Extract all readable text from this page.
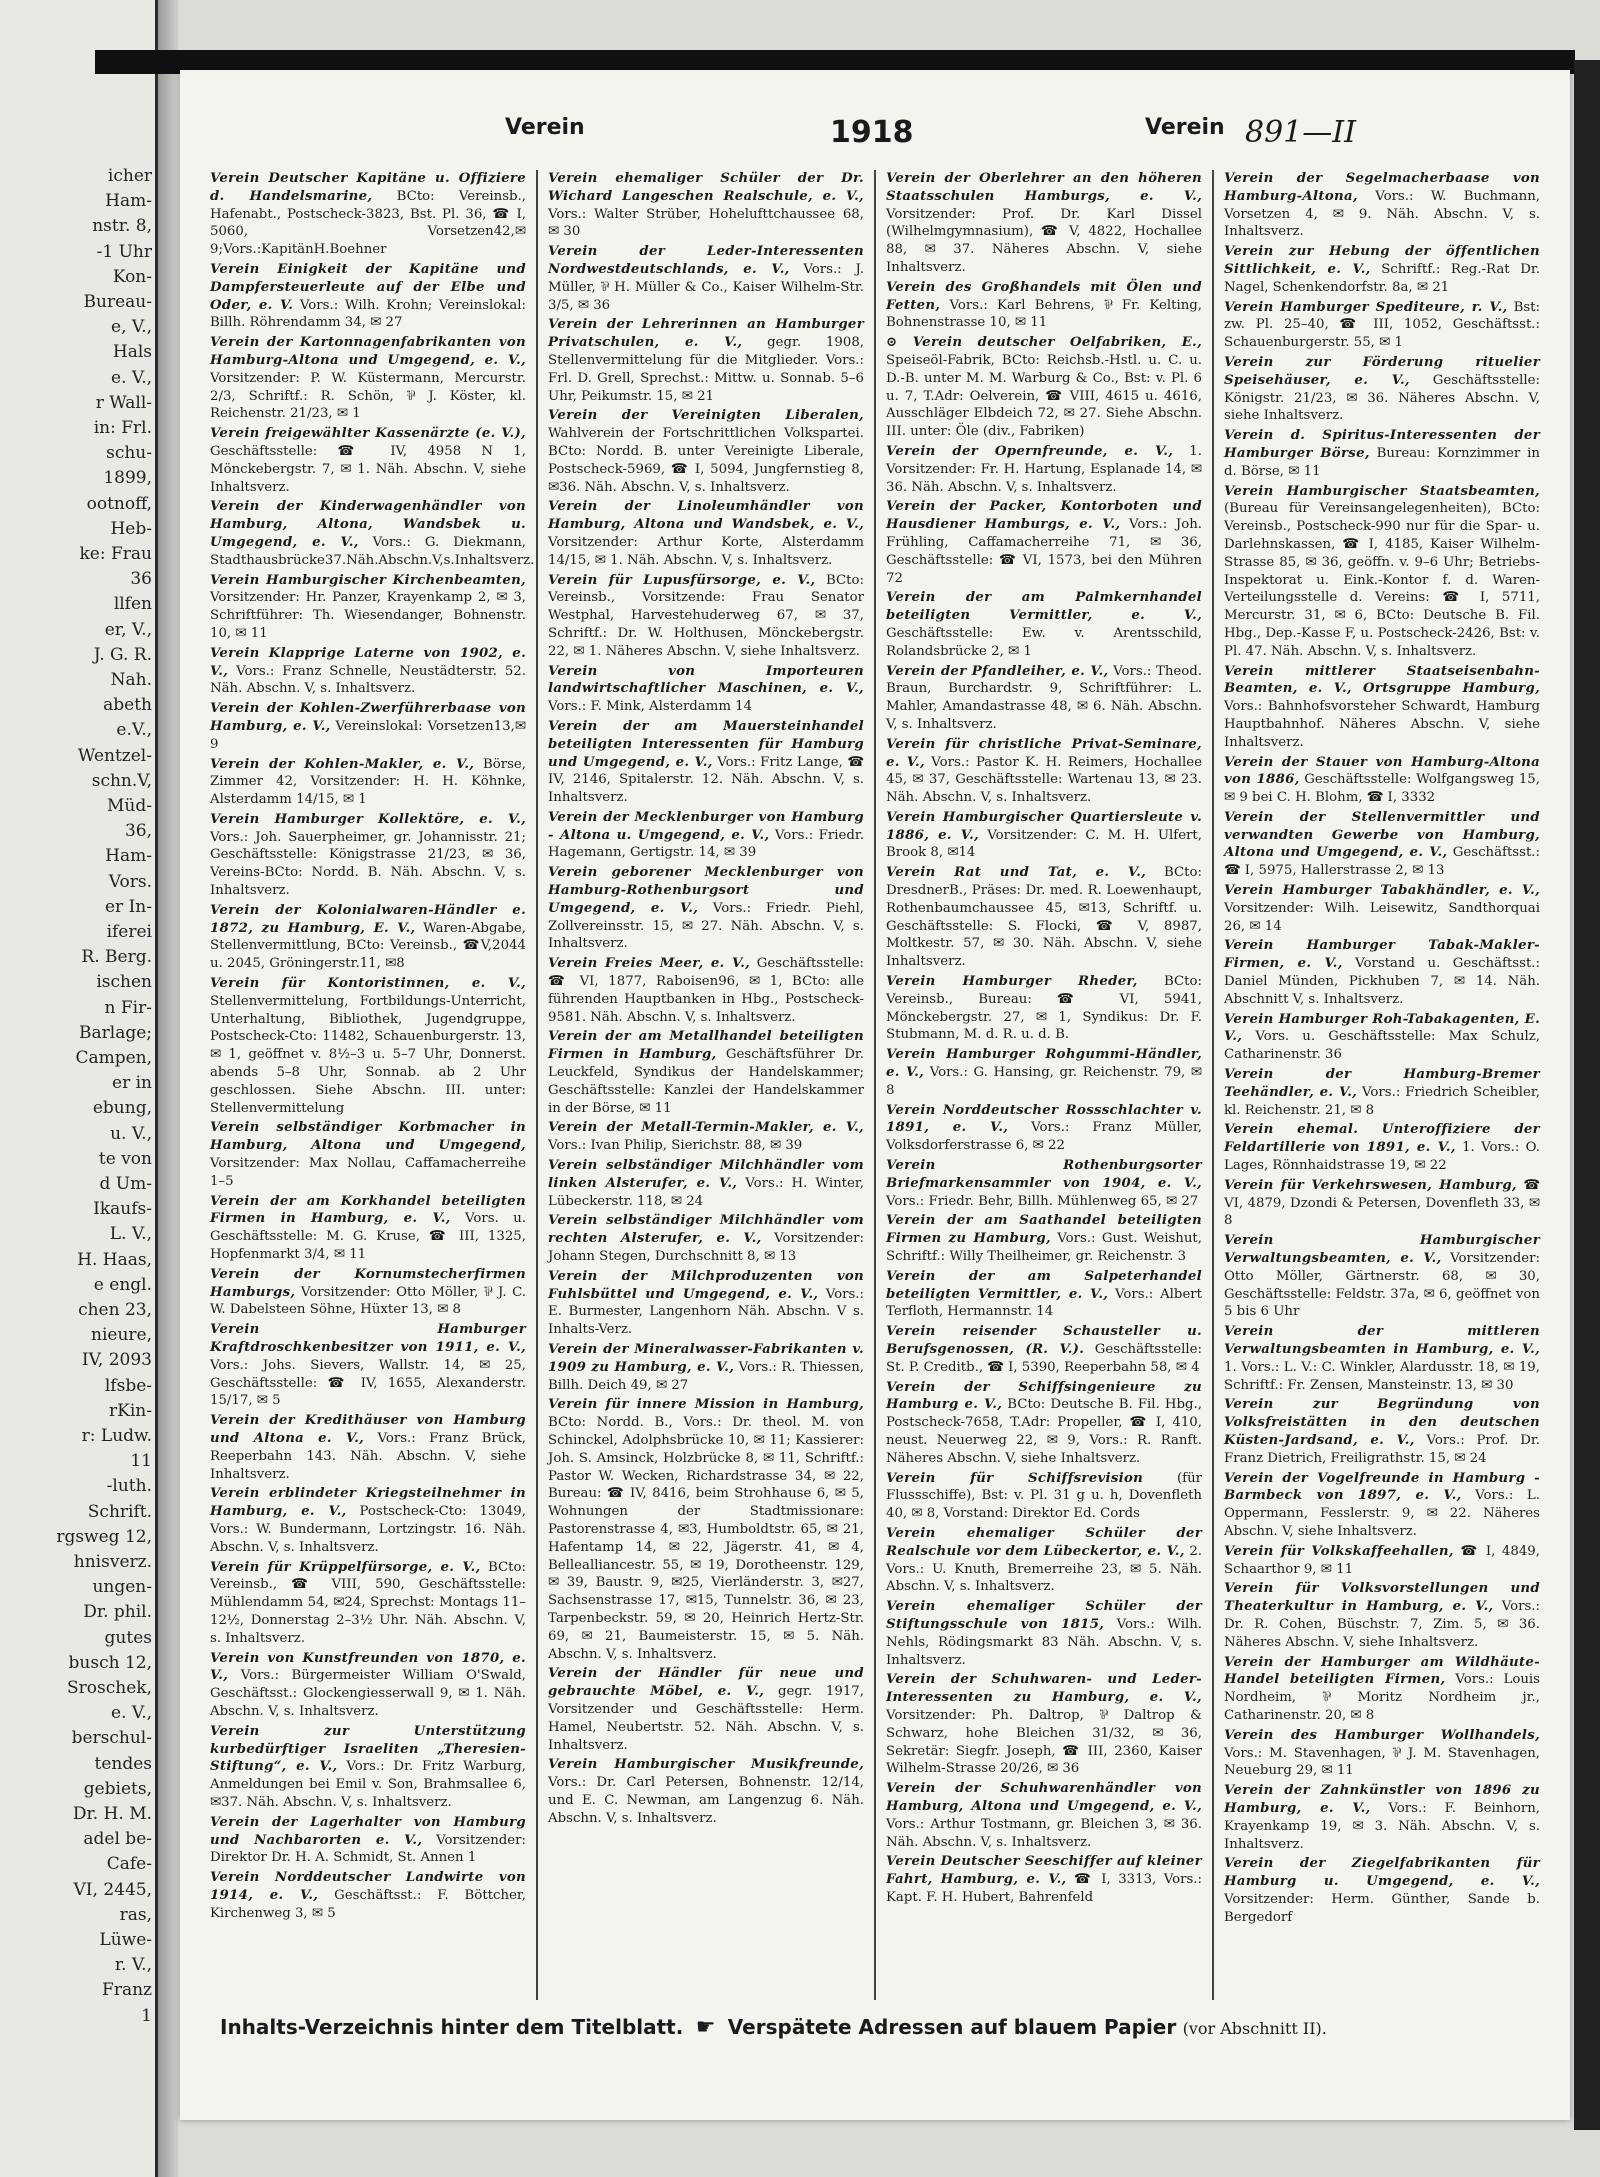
icher
Ham-
nstr. 8,
-1 Uhr
Kon-
Bureau-
e, V.,
Hals
e. V.,
r Wall-
in: Frl.
schu-
1899,
ootnoff,
Heb-
ke: Frau
36
llfen
er, V.,
J. G. R.
Nah.
abeth
e.V.,
Wentzel-
schn.V,
Müd-
36,
Ham-
Vors.
er In-
iferei
R. Berg.
ischen
n Fir-
Barlage;
Campen,
er in
ebung,
u. V.,
te von
d Um-
Ikaufs-
L. V.,
H. Haas,
e engl.
chen 23,
nieure,
IV, 2093
lfsbe-
rKin-
r: Ludw.
11
-luth.
Schrift.
rgsweg 12,
hnisverz.
ungen-
Dr. phil.
gutes
busch 12,
Sroschek,
e. V.,
berschul-
tendes
gebiets,
Dr. H. M.
adel be-
Cafe-
VI, 2445,
ras,
Lüwe-
r. V.,
Franz
1
Verein	1918	Verein 891—II
Verein Deutscher Kapitäne u. Offiziere d. Handelsmarine, BCto: Vereinsb., Hafenabt., Postscheck-3823, Bst. Pl. 36, ☎ I, 5060, Vorsetzen42,✉9;Vors.:KapitänH.Boehner
Verein Einigkeit der Kapitäne und Dampfersteuerleute auf der Elbe und Oder, e. V. Vors.: Wilh. Krohn; Vereinslokal: Billh. Röhrendamm 34, ✉ 27
Verein der Kartonnagenfabrikanten von Hamburg-Altona und Umgegend, e. V., Vorsitzender: P. W. Küstermann, Mercurstr. 2/3, Schriftf.: R. Schön, ⅌ J. Köster, kl. Reichenstr. 21/23, ✉ 1
Verein freigewählter Kassenärzte (e. V.), Geschäftsstelle: ☎ IV, 4958 N 1, Mönckebergstr. 7, ✉ 1. Näh. Abschn. V, siehe Inhaltsverz.
Verein der Kinderwagenhändler von Hamburg, Altona, Wandsbek u. Umgegend, e. V., Vors.: G. Diekmann, Stadthausbrücke37.Näh.Abschn.V,s.Inhaltsverz.
Verein Hamburgischer Kirchenbeamten, Vorsitzender: Hr. Panzer, Krayenkamp 2, ✉ 3, Schriftführer: Th. Wiesendanger, Bohnenstr. 10, ✉ 11
Verein Klapprige Laterne von 1902, e. V., Vors.: Franz Schnelle, Neustädterstr. 52. Näh. Abschn. V, s. Inhaltsverz.
Verein der Kohlen-Zwerführerbaase von Hamburg, e. V., Vereinslokal: Vorsetzen13,✉9
Verein der Kohlen-Makler, e. V., Börse, Zimmer 42, Vorsitzender: H. H. Köhnke, Alsterdamm 14/15, ✉ 1
Verein Hamburger Kollektöre, e. V., Vors.: Joh. Sauerpheimer, gr. Johannisstr. 21; Geschäftsstelle: Königstrasse 21/23, ✉ 36, Vereins-BCto: Nordd. B. Näh. Abschn. V, s. Inhaltsverz.
Verein der Kolonialwaren-Händler e. 1872, zu Hamburg, E. V., Waren-Abgabe, Stellenvermittlung, BCto: Vereinsb., ☎V,2044 u. 2045, Gröningerstr.11, ✉8
Verein für Kontoristinnen, e. V., Stellenvermittelung, Fortbildungs-Unterricht, Unterhaltung, Bibliothek, Jugendgruppe, Postscheck-Cto: 11482, Schauenburgerstr. 13, ✉ 1, geöffnet v. 8½–3 u. 5–7 Uhr, Donnerst. abends 5–8 Uhr, Sonnab. ab 2 Uhr geschlossen. Siehe Abschn. III. unter: Stellenvermittelung
Verein selbständiger Korbmacher in Hamburg, Altona und Umgegend, Vorsitzender: Max Nollau, Caffamacherreihe 1–5
Verein der am Korkhandel beteiligten Firmen in Hamburg, e. V., Vors. u. Geschäftsstelle: M. G. Kruse, ☎ III, 1325, Hopfenmarkt 3/4, ✉ 11
Verein der Kornumstecherfirmen Hamburgs, Vorsitzender: Otto Möller, ⅌ J. C. W. Dabelsteen Söhne, Hüxter 13, ✉ 8
Verein Hamburger Kraftdroschkenbesitzer von 1911, e. V., Vors.: Johs. Sievers, Wallstr. 14, ✉ 25, Geschäftsstelle: ☎ IV, 1655, Alexanderstr. 15/17, ✉ 5
Verein der Kredithäuser von Hamburg und Altona e. V., Vors.: Franz Brück, Reeperbahn 143. Näh. Abschn. V, siehe Inhaltsverz.
Verein erblindeter Kriegsteilnehmer in Hamburg, e. V., Postscheck-Cto: 13049, Vors.: W. Bundermann, Lortzingstr. 16. Näh. Abschn. V, s. Inhaltsverz.
Verein für Krüppelfürsorge, e. V., BCto: Vereinsb., ☎ VIII, 590, Geschäftsstelle: Mühlendamm 54, ✉24, Sprechst: Montags 11–12½, Donnerstag 2–3½ Uhr. Näh. Abschn. V, s. Inhaltsverz.
Verein von Kunstfreunden von 1870, e. V., Vors.: Bürgermeister William O'Swald, Geschäftsst.: Glockengiesserwall 9, ✉ 1. Näh. Abschn. V, s. Inhaltsverz.
Verein zur Unterstützung kurbedürftiger Israeliten „Theresien-Stiftung“, e. V., Vors.: Dr. Fritz Warburg, Anmeldungen bei Emil v. Son, Brahmsallee 6, ✉37. Näh. Abschn. V, s. Inhaltsverz.
Verein der Lagerhalter von Hamburg und Nachbarorten e. V., Vorsitzender: Direktor Dr. H. A. Schmidt, St. Annen 1
Verein Norddeutscher Landwirte von 1914, e. V., Geschäftsst.: F. Böttcher, Kirchenweg 3, ✉ 5
Verein ehemaliger Schüler der Dr. Wichard Langeschen Realschule, e. V., Vors.: Walter Strüber, Hohelufttchaussee 68, ✉ 30
Verein der Leder-Interessenten Nordwestdeutschlands, e. V., Vors.: J. Müller, ⅌ H. Müller & Co., Kaiser Wilhelm-Str. 3/5, ✉ 36
Verein der Lehrerinnen an Hamburger Privatschulen, e. V., gegr. 1908, Stellenvermittelung für die Mitglieder. Vors.: Frl. D. Grell, Sprechst.: Mittw. u. Sonnab. 5–6 Uhr, Peikumstr. 15, ✉ 21
Verein der Vereinigten Liberalen, Wahlverein der Fortschrittlichen Volkspartei. BCto: Nordd. B. unter Vereinigte Liberale, Postscheck-5969, ☎ I, 5094, Jungfernstieg 8, ✉36. Näh. Abschn. V, s. Inhaltsverz.
Verein der Linoleumhändler von Hamburg, Altona und Wandsbek, e. V., Vorsitzender: Arthur Korte, Alsterdamm 14/15, ✉ 1. Näh. Abschn. V, s. Inhaltsverz.
Verein für Lupusfürsorge, e. V., BCto: Vereinsb., Vorsitzende: Frau Senator Westphal, Harvestehuderweg 67, ✉ 37, Schriftf.: Dr. W. Holthusen, Mönckebergstr. 22, ✉ 1. Näheres Abschn. V, siehe Inhaltsverz.
Verein von Importeuren landwirtschaftlicher Maschinen, e. V., Vors.: F. Mink, Alsterdamm 14
Verein der am Mauersteinhandel beteiligten Interessenten für Hamburg und Umgegend, e. V., Vors.: Fritz Lange, ☎ IV, 2146, Spitalerstr. 12. Näh. Abschn. V, s. Inhaltsverz.
Verein der Mecklenburger von Hamburg - Altona u. Umgegend, e. V., Vors.: Friedr. Hagemann, Gertigstr. 14, ✉ 39
Verein geborener Mecklenburger von Hamburg-Rothenburgsort und Umgegend, e. V., Vors.: Friedr. Piehl, Zollvereinsstr. 15, ✉ 27. Näh. Abschn. V, s. Inhaltsverz.
Verein Freies Meer, e. V., Geschäftsstelle: ☎ VI, 1877, Raboisen96, ✉ 1, BCto: alle führenden Hauptbanken in Hbg., Postscheck-9581. Näh. Abschn. V, s. Inhaltsverz.
Verein der am Metallhandel beteiligten Firmen in Hamburg, Geschäftsführer Dr. Leuckfeld, Syndikus der Handelskammer; Geschäftsstelle: Kanzlei der Handelskammer in der Börse, ✉ 11
Verein der Metall-Termin-Makler, e. V., Vors.: Ivan Philip, Sierichstr. 88, ✉ 39
Verein selbständiger Milchhändler vom linken Alsterufer, e. V., Vors.: H. Winter, Lübeckerstr. 118, ✉ 24
Verein selbständiger Milchhändler vom rechten Alsterufer, e. V., Vorsitzender: Johann Stegen, Durchschnitt 8, ✉ 13
Verein der Milchproduzenten von Fuhlsbüttel und Umgegend, e. V., Vors.: E. Burmester, Langenhorn Näh. Abschn. V s. Inhalts-Verz.
Verein der Mineralwasser-Fabrikanten v. 1909 zu Hamburg, e. V., Vors.: R. Thiessen, Billh. Deich 49, ✉ 27
Verein für innere Mission in Hamburg, BCto: Nordd. B., Vors.: Dr. theol. M. von Schinckel, Adolphsbrücke 10, ✉ 11; Kassierer: Joh. S. Amsinck, Holzbrücke 8, ✉ 11, Schriftf.: Pastor W. Wecken, Richardstrasse 34, ✉ 22, Bureau: ☎ IV, 8416, beim Strohhause 6, ✉ 5, Wohnungen der Stadtmissionare: Pastorenstrasse 4, ✉3, Humboldtstr. 65, ✉ 21, Hafentamp 14, ✉ 22, Jägerstr. 41, ✉ 4, Bellealliancestr. 55, ✉ 19, Dorotheenstr. 129, ✉ 39, Baustr. 9, ✉25, Vierländerstr. 3, ✉27, Sachsenstrasse 17, ✉15, Tunnelstr. 36, ✉ 23, Tarpenbeckstr. 59, ✉ 20, Heinrich Hertz-Str. 69, ✉ 21, Baumeisterstr. 15, ✉ 5. Näh. Abschn. V, s. Inhaltsverz.
Verein der Händler für neue und gebrauchte Möbel, e. V., gegr. 1917, Vorsitzender und Geschäftsstelle: Herm. Hamel, Neubertstr. 52. Näh. Abschn. V, s. Inhaltsverz.
Verein Hamburgischer Musikfreunde, Vors.: Dr. Carl Petersen, Bohnenstr. 12/14, und E. C. Newman, am Langenzug 6. Näh. Abschn. V, s. Inhaltsverz.
Verein der Oberlehrer an den höheren Staatsschulen Hamburgs, e. V., Vorsitzender: Prof. Dr. Karl Dissel (Wilhelmgymnasium), ☎ V, 4822, Hochallee 88, ✉ 37. Näheres Abschn. V, siehe Inhaltsverz.
Verein des Großhandels mit Ölen und Fetten, Vors.: Karl Behrens, ⅌ Fr. Kelting, Bohnenstrasse 10, ✉ 11
⊙ Verein deutscher Oelfabriken, E., Speiseöl-Fabrik, BCto: Reichsb.-Hstl. u. C. u. D.-B. unter M. M. Warburg & Co., Bst: v. Pl. 6 u. 7, T.Adr: Oelverein, ☎ VIII, 4615 u. 4616, Ausschläger Elbdeich 72, ✉ 27. Siehe Abschn. III. unter: Öle (div., Fabriken)
Verein der Opernfreunde, e. V., 1. Vorsitzender: Fr. H. Hartung, Esplanade 14, ✉ 36. Näh. Abschn. V, s. Inhaltsverz.
Verein der Packer, Kontorboten und Hausdiener Hamburgs, e. V., Vors.: Joh. Frühling, Caffamacherreihe 71, ✉ 36, Geschäftsstelle: ☎ VI, 1573, bei den Mühren 72
Verein der am Palmkernhandel beteiligten Vermittler, e. V., Geschäftsstelle: Ew. v. Arentsschild, Rolandsbrücke 2, ✉ 1
Verein der Pfandleiher, e. V., Vors.: Theod. Braun, Burchardstr. 9, Schriftführer: L. Mahler, Amandastrasse 48, ✉ 6. Näh. Abschn. V, s. Inhaltsverz.
Verein für christliche Privat-Seminare, e. V., Vors.: Pastor K. H. Reimers, Hochallee 45, ✉ 37, Geschäftsstelle: Wartenau 13, ✉ 23. Näh. Abschn. V, s. Inhaltsverz.
Verein Hamburgischer Quartiersleute v. 1886, e. V., Vorsitzender: C. M. H. Ulfert, Brook 8, ✉14
Verein Rat und Tat, e. V., BCto: DresdnerB., Präses: Dr. med. R. Loewenhaupt, Rothenbaumchaussee 45, ✉13, Schriftf. u. Geschäftsstelle: S. Flocki, ☎ V, 8987, Moltkestr. 57, ✉ 30. Näh. Abschn. V, siehe Inhaltsverz.
Verein Hamburger Rheder, BCto: Vereinsb., Bureau: ☎ VI, 5941, Mönckebergstr. 27, ✉ 1, Syndikus: Dr. F. Stubmann, M. d. R. u. d. B.
Verein Hamburger Rohgummi-Händler, e. V., Vors.: G. Hansing, gr. Reichenstr. 79, ✉ 8
Verein Norddeutscher Rossschlachter v. 1891, e. V., Vors.: Franz Müller, Volksdorferstrasse 6, ✉ 22
Verein Rothenburgsorter Briefmarkensammler von 1904, e. V., Vors.: Friedr. Behr, Billh. Mühlenweg 65, ✉ 27
Verein der am Saathandel beteiligten Firmen zu Hamburg, Vors.: Gust. Weishut, Schriftf.: Willy Theilheimer, gr. Reichenstr. 3
Verein der am Salpeterhandel beteiligten Vermittler, e. V., Vors.: Albert Terfloth, Hermannstr. 14
Verein reisender Schausteller u. Berufsgenossen, (R. V.). Geschäftsstelle: St. P. Creditb., ☎ I, 5390, Reeperbahn 58, ✉ 4
Verein der Schiffsingenieure zu Hamburg e. V., BCto: Deutsche B. Fil. Hbg., Postscheck-7658, T.Adr: Propeller, ☎ I, 410, neust. Neuerweg 22, ✉ 9, Vors.: R. Ranft. Näheres Abschn. V, siehe Inhaltsverz.
Verein für Schiffsrevision	(für Flussschiffe), Bst: v. Pl. 31 g u. h, Dovenfleth 40, ✉ 8, Vorstand: Direktor Ed. Cords
Verein ehemaliger Schüler der Realschule vor dem Lübeckertor, e. V., 2. Vors.: U. Knuth, Bremerreihe 23, ✉ 5. Näh. Abschn. V, s. Inhaltsverz.
Verein ehemaliger Schüler der Stiftungsschule von 1815, Vors.: Wilh. Nehls, Rödingsmarkt 83 Näh. Abschn. V, s. Inhaltsverz.
Verein der Schuhwaren- und Leder-Interessenten zu Hamburg, e. V., Vorsitzender: Ph. Daltrop, ⅌ Daltrop & Schwarz, hohe Bleichen 31/32, ✉ 36, Sekretär: Siegfr. Joseph, ☎ III, 2360, Kaiser Wilhelm-Strasse 20/26, ✉ 36
Verein der Schuhwarenhändler von Hamburg, Altona und Umgegend, e. V., Vors.: Arthur Tostmann, gr. Bleichen 3, ✉ 36. Näh. Abschn. V, s. Inhaltsverz.
Verein Deutscher Seeschiffer auf kleiner Fahrt, Hamburg, e. V., ☎ I, 3313, Vors.: Kapt. F. H. Hubert, Bahrenfeld
Verein der Segelmacherbaase von Hamburg-Altona, Vors.: W. Buchmann, Vorsetzen 4, ✉ 9. Näh. Abschn. V, s. Inhaltsverz.
Verein zur Hebung der öffentlichen Sittlichkeit, e. V., Schriftf.: Reg.-Rat Dr. Nagel, Schenkendorfstr. 8a, ✉ 21
Verein Hamburger Spediteure, r. V., Bst: zw. Pl. 25–40, ☎ III, 1052, Geschäftsst.: Schauenburgerstr. 55, ✉ 1
Verein zur Förderung rituelier Speisehäuser, e. V., Geschäftsstelle: Königstr. 21/23, ✉ 36. Näheres Abschn. V, siehe Inhaltsverz.
Verein d. Spiritus-Interessenten der Hamburger Börse, Bureau: Kornzimmer in d. Börse, ✉ 11
Verein Hamburgischer Staatsbeamten, (Bureau für Vereinsangelegenheiten), BCto: Vereinsb., Postscheck-990 nur für die Spar- u. Darlehnskassen, ☎ I, 4185, Kaiser Wilhelm-Strasse 85, ✉ 36, geöffn. v. 9–6 Uhr; Betriebs-Inspektorat u. Eink.-Kontor f. d. Waren-Verteilungsstelle d. Vereins: ☎ I, 5711, Mercurstr. 31, ✉ 6, BCto: Deutsche B. Fil. Hbg., Dep.-Kasse F, u. Postscheck-2426, Bst: v. Pl. 47. Näh. Abschn. V, s. Inhaltsverz.
Verein mittlerer Staatseisenbahn-Beamten, e. V., Ortsgruppe Hamburg, Vors.: Bahnhofsvorsteher Schwardt, Hamburg Hauptbahnhof. Näheres Abschn. V, siehe Inhaltsverz.
Verein der Stauer von Hamburg-Altona von 1886, Geschäftsstelle: Wolfgangsweg 15, ✉ 9 bei C. H. Blohm, ☎ I, 3332
Verein der Stellenvermittler und verwandten Gewerbe von Hamburg, Altona und Umgegend, e. V., Geschäftsst.: ☎ I, 5975, Hallerstrasse 2, ✉ 13
Verein Hamburger Tabakhändler, e. V., Vorsitzender: Wilh. Leisewitz, Sandthorquai 26, ✉ 14
Verein Hamburger Tabak-Makler-Firmen, e. V., Vorstand u. Geschäftsst.: Daniel Münden, Pickhuben 7, ✉ 14. Näh. Abschnitt V, s. Inhaltsverz.
Verein Hamburger Roh-Tabakagenten, E. V., Vors. u. Geschäftsstelle: Max Schulz, Catharinenstr. 36
Verein der Hamburg-Bremer Teehändler, e. V., Vors.: Friedrich Scheibler, kl. Reichenstr. 21, ✉ 8
Verein ehemal. Unteroffiziere der Feldartillerie von 1891, e. V., 1. Vors.: O. Lages, Rönnhaidstrasse 19, ✉ 22
Verein für Verkehrswesen, Hamburg, ☎ VI, 4879, Dzondi & Petersen, Dovenfleth 33, ✉ 8
Verein Hamburgischer Verwaltungsbeamten, e. V., Vorsitzender: Otto Möller, Gärtnerstr. 68, ✉ 30, Geschäftsstelle: Feldstr. 37a, ✉ 6, geöffnet von 5 bis 6 Uhr
Verein der mittleren Verwaltungsbeamten in Hamburg, e. V., 1. Vors.: L. V.: C. Winkler, Alardusstr. 18, ✉ 19, Schriftf.: Fr. Zensen, Mansteinstr. 13, ✉ 30
Verein zur Begründung von Volksfreistätten in den deutschen Küsten-Jardsand, e. V., Vors.: Prof. Dr. Franz Dietrich, Freiligrathstr. 15, ✉ 24
Verein der Vogelfreunde in Hamburg - Barmbeck von 1897, e. V., Vors.: L. Oppermann, Fesslerstr. 9, ✉ 22. Näheres Abschn. V, siehe Inhaltsverz.
Verein für Volkskaffeehallen, ☎ I, 4849, Schaarthor 9, ✉ 11
Verein für Volksvorstellungen und Theaterkultur in Hamburg, e. V., Vors.: Dr. R. Cohen, Büschstr. 7, Zim. 5, ✉ 36. Näheres Abschn. V, siehe Inhaltsverz.
Verein der Hamburger am Wildhäute-Handel beteiligten Firmen, Vors.: Louis Nordheim, ⅌ Moritz Nordheim jr., Catharinenstr. 20, ✉ 8
Verein des Hamburger Wollhandels, Vors.: M. Stavenhagen, ⅌ J. M. Stavenhagen, Neueburg 29, ✉ 11
Verein der Zahnkünstler von 1896 zu Hamburg, e. V., Vors.: F. Beinhorn, Krayenkamp 19, ✉ 3. Näh. Abschn. V, s. Inhaltsverz.
Verein der Ziegelfabrikanten für Hamburg u. Umgegend, e. V., Vorsitzender: Herm. Günther, Sande b. Bergedorf
Inhalts-Verzeichnis hinter dem Titelblatt. ☛ Verspätete Adressen auf blauem Papier (vor Abschnitt II).
